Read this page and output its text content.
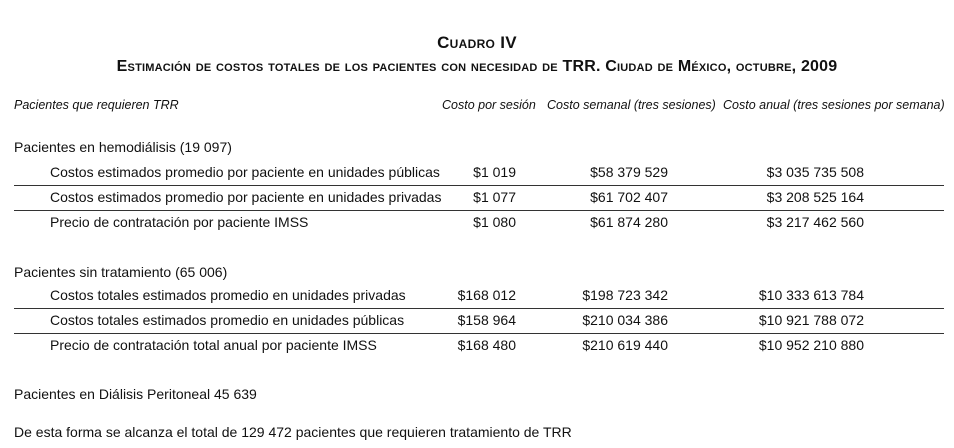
Cuadro IV
Estimación de costos totales de los pacientes con necesidad de TRR. Ciudad de México, octubre, 2009
Pacientes que requieren TRR	Costo por sesión Costo semanal (tres sesiones) Costo anual (tres sesiones por semana)
Pacientes en hemodiálisis (19 097)
Costos estimados promedio por paciente en unidades públicas $1 019	$58 379 529	$3 035 735 508
Costos estimados promedio por paciente en unidades privadas $1 077	$61 702 407	$3 208 525 164
Precio de contratación por paciente IMSS	$1 080	$61 874 280	$3 217 462 560
Pacientes sin tratamiento (65 006)
Costos totales estimados promedio en unidades privadas	$168 012	$198 723 342	$10 333 613 784
Costos totales estimados promedio en unidades públicas	$158 964	$210 034 386	$10 921 788 072
Precio de contratación total anual por paciente IMSS	$168 480	$210 619 440	$10 952 210 880
Pacientes en Diálisis Peritoneal 45 639
De esta forma se alcanza el total de 129 472 pacientes que requieren tratamiento de TRR
